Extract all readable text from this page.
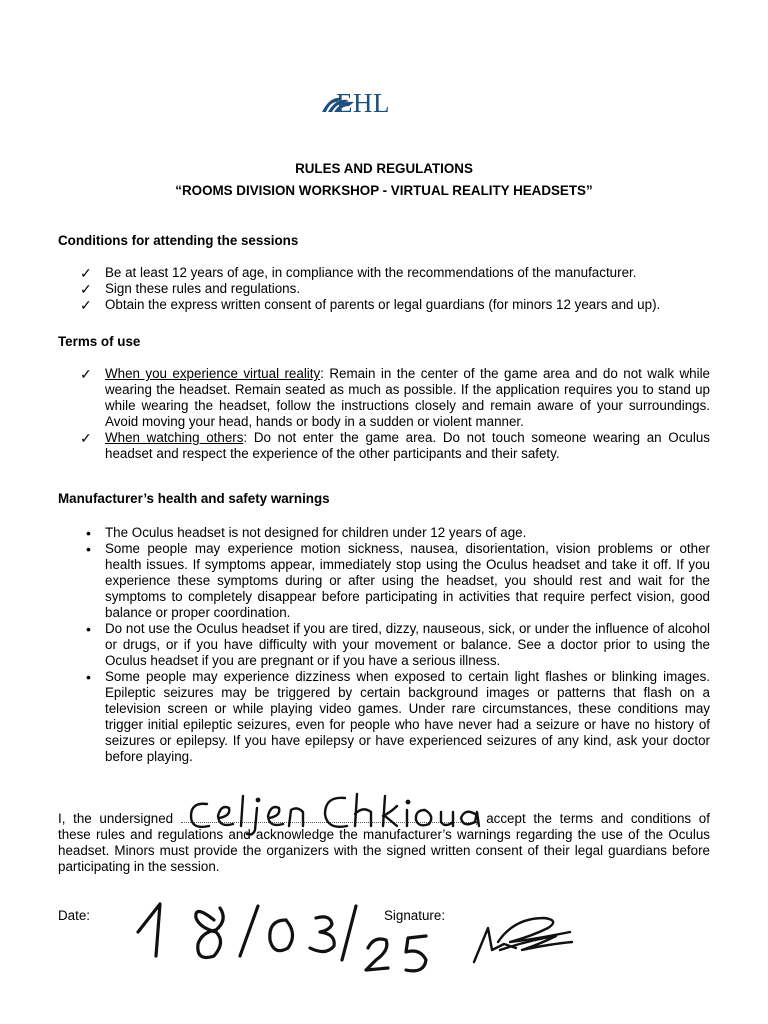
EHL
RULES AND REGULATIONS
“ROOMS DIVISION WORKSHOP - VIRTUAL REALITY HEADSETS”
Conditions for attending the sessions
✓ Be at least 12 years of age, in compliance with the recommendations of the manufacturer.
✓ Sign these rules and regulations.
✓ Obtain the express written consent of parents or legal guardians (for minors 12 years and up).
Terms of use
✓ When you experience virtual reality: Remain in the center of the game area and do not walk while wearing the headset. Remain seated as much as possible. If the application requires you to stand up while wearing the headset, follow the instructions closely and remain aware of your surroundings. Avoid moving your head, hands or body in a sudden or violent manner.
✓ When watching others: Do not enter the game area. Do not touch someone wearing an Oculus headset and respect the experience of the other participants and their safety.
Manufacturer’s health and safety warnings
• The Oculus headset is not designed for children under 12 years of age.
• Some people may experience motion sickness, nausea, disorientation, vision problems or other health issues. If symptoms appear, immediately stop using the Oculus headset and take it off. If you experience these symptoms during or after using the headset, you should rest and wait for the symptoms to completely disappear before participating in activities that require perfect vision, good balance or proper coordination.
• Do not use the Oculus headset if you are tired, dizzy, nauseous, sick, or under the influence of alcohol or drugs, or if you have difficulty with your movement or balance. See a doctor prior to using the Oculus headset if you are pregnant or if you have a serious illness.
• Some people may experience dizziness when exposed to certain light flashes or blinking images. Epileptic seizures may be triggered by certain background images or patterns that flash on a television screen or while playing video games. Under rare circumstances, these conditions may trigger initial epileptic seizures, even for people who have never had a seizure or have no history of seizures or epilepsy. If you have epilepsy or have experienced seizures of any kind, ask your doctor before playing.
I, the undersigned	, accept the terms and conditions of these rules and regulations and acknowledge the manufacturer’s warnings regarding the use of the Oculus headset. Minors must provide the organizers with the signed written consent of their legal guardians before participating in the session.
Date:	Signature:
